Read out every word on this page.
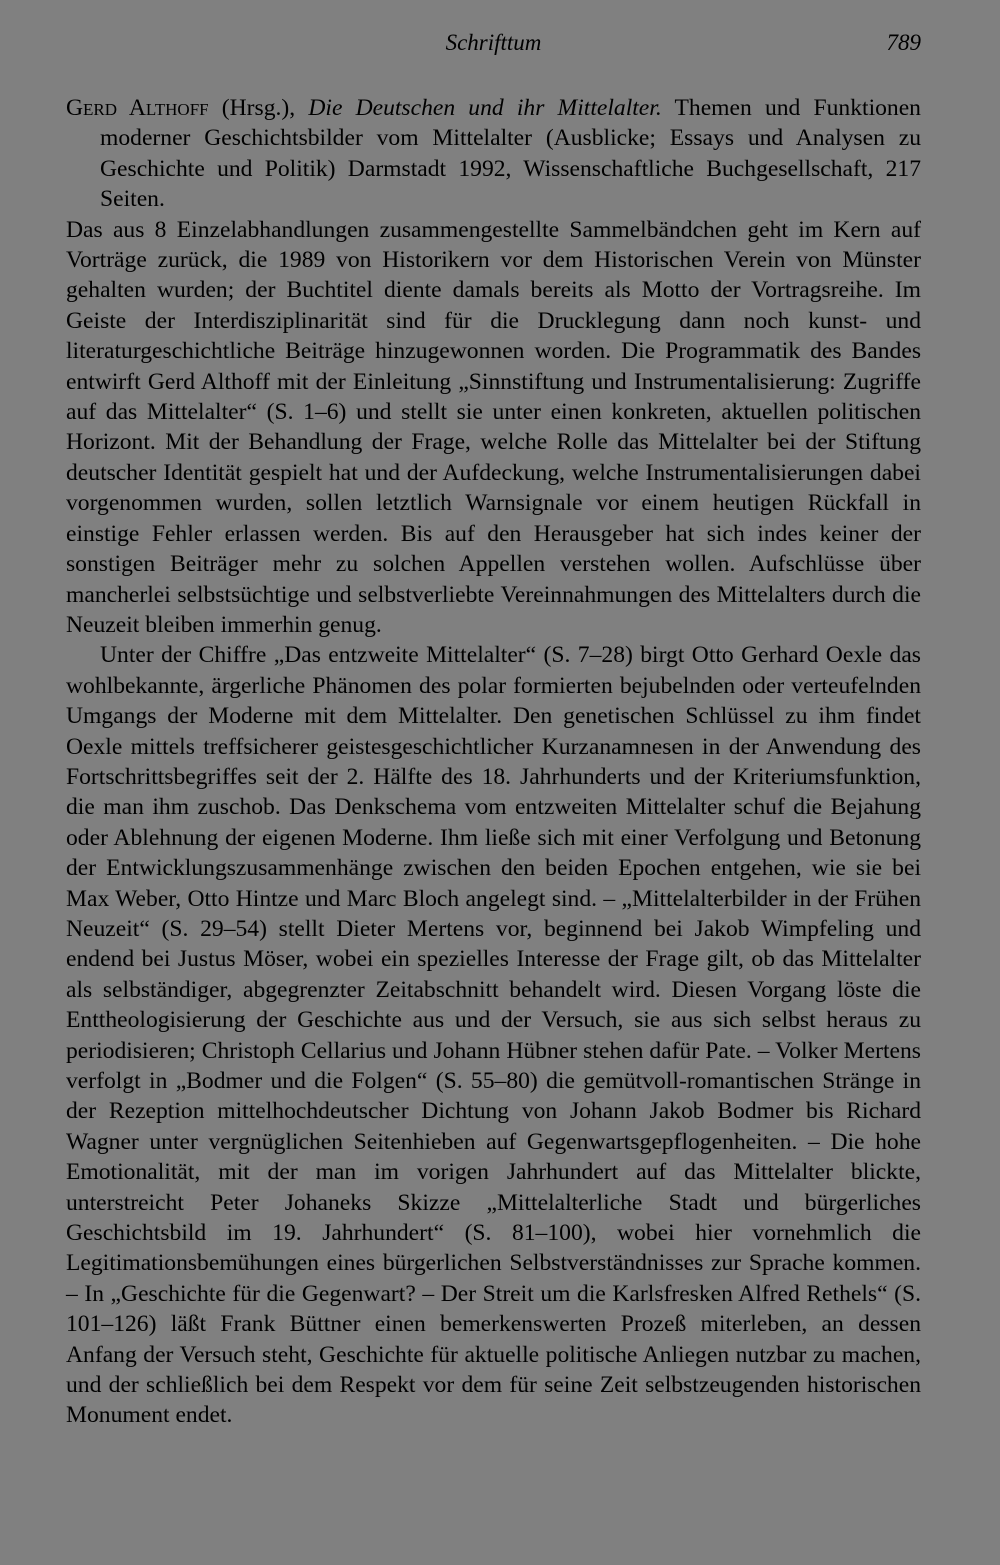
Schrifttum	789

Gerd Althoff (Hrsg.), Die Deutschen und ihr Mittelalter. Themen und Funktionen moderner Geschichtsbilder vom Mittelalter (Ausblicke; Essays und Analysen zu Geschichte und Politik) Darmstadt 1992, Wissenschaftliche Buchgesellschaft, 217 Seiten.

Das aus 8 Einzelabhandlungen zusammengestellte Sammelbändchen geht im Kern auf Vorträge zurück, die 1989 von Historikern vor dem Historischen Verein von Münster gehalten wurden; der Buchtitel diente damals bereits als Motto der Vortragsreihe. Im Geiste der Interdisziplinarität sind für die Drucklegung dann noch kunst- und literaturgeschichtliche Beiträge hinzugewonnen worden. Die Programmatik des Bandes entwirft Gerd Althoff mit der Einleitung „Sinnstiftung und Instrumentalisierung: Zugriffe auf das Mittelalter“ (S. 1–6) und stellt sie unter einen konkreten, aktuellen politischen Horizont. Mit der Behandlung der Frage, welche Rolle das Mittelalter bei der Stiftung deutscher Identität gespielt hat und der Aufdeckung, welche Instrumentalisierungen dabei vorgenommen wurden, sollen letztlich Warnsignale vor einem heutigen Rückfall in einstige Fehler erlassen werden. Bis auf den Herausgeber hat sich indes keiner der sonstigen Beiträger mehr zu solchen Appellen verstehen wollen. Aufschlüsse über mancherlei selbstsüchtige und selbstverliebte Vereinnahmungen des Mittelalters durch die Neuzeit bleiben immerhin genug.

Unter der Chiffre „Das entzweite Mittelalter“ (S. 7–28) birgt Otto Gerhard Oexle das wohlbekannte, ärgerliche Phänomen des polar formierten bejubelnden oder verteufelnden Umgangs der Moderne mit dem Mittelalter. Den genetischen Schlüssel zu ihm findet Oexle mittels treffsicherer geistesgeschichtlicher Kurzanamnesen in der Anwendung des Fortschrittsbegriffes seit der 2. Hälfte des 18. Jahrhunderts und der Kriteriumsfunktion, die man ihm zuschob. Das Denkschema vom entzweiten Mittelalter schuf die Bejahung oder Ablehnung der eigenen Moderne. Ihm ließe sich mit einer Verfolgung und Betonung der Entwicklungszusammenhänge zwischen den beiden Epochen entgehen, wie sie bei Max Weber, Otto Hintze und Marc Bloch angelegt sind. – „Mittelalterbilder in der Frühen Neuzeit“ (S. 29–54) stellt Dieter Mertens vor, beginnend bei Jakob Wimpfeling und endend bei Justus Möser, wobei ein spezielles Interesse der Frage gilt, ob das Mittelalter als selbständiger, abgegrenzter Zeitabschnitt behandelt wird. Diesen Vorgang löste die Enttheologisierung der Geschichte aus und der Versuch, sie aus sich selbst heraus zu periodisieren; Christoph Cellarius und Johann Hübner stehen dafür Pate. – Volker Mertens verfolgt in „Bodmer und die Folgen“ (S. 55–80) die gemütvoll-romantischen Stränge in der Rezeption mittelhochdeutscher Dichtung von Johann Jakob Bodmer bis Richard Wagner unter vergnüglichen Seitenhieben auf Gegenwartsgepflogenheiten. – Die hohe Emotionalität, mit der man im vorigen Jahrhundert auf das Mittelalter blickte, unterstreicht Peter Johaneks Skizze „Mittelalterliche Stadt und bürgerliches Geschichtsbild im 19. Jahrhundert“ (S. 81–100), wobei hier vornehmlich die Legitimationsbemühungen eines bürgerlichen Selbstverständnisses zur Sprache kommen. – In „Geschichte für die Gegenwart? – Der Streit um die Karlsfresken Alfred Rethels“ (S. 101–126) läßt Frank Büttner einen bemerkenswerten Prozeß miterleben, an dessen Anfang der Versuch steht, Geschichte für aktuelle politische Anliegen nutzbar zu machen, und der schließlich bei dem Respekt vor dem für seine Zeit selbstzeugenden historischen Monument endet.
